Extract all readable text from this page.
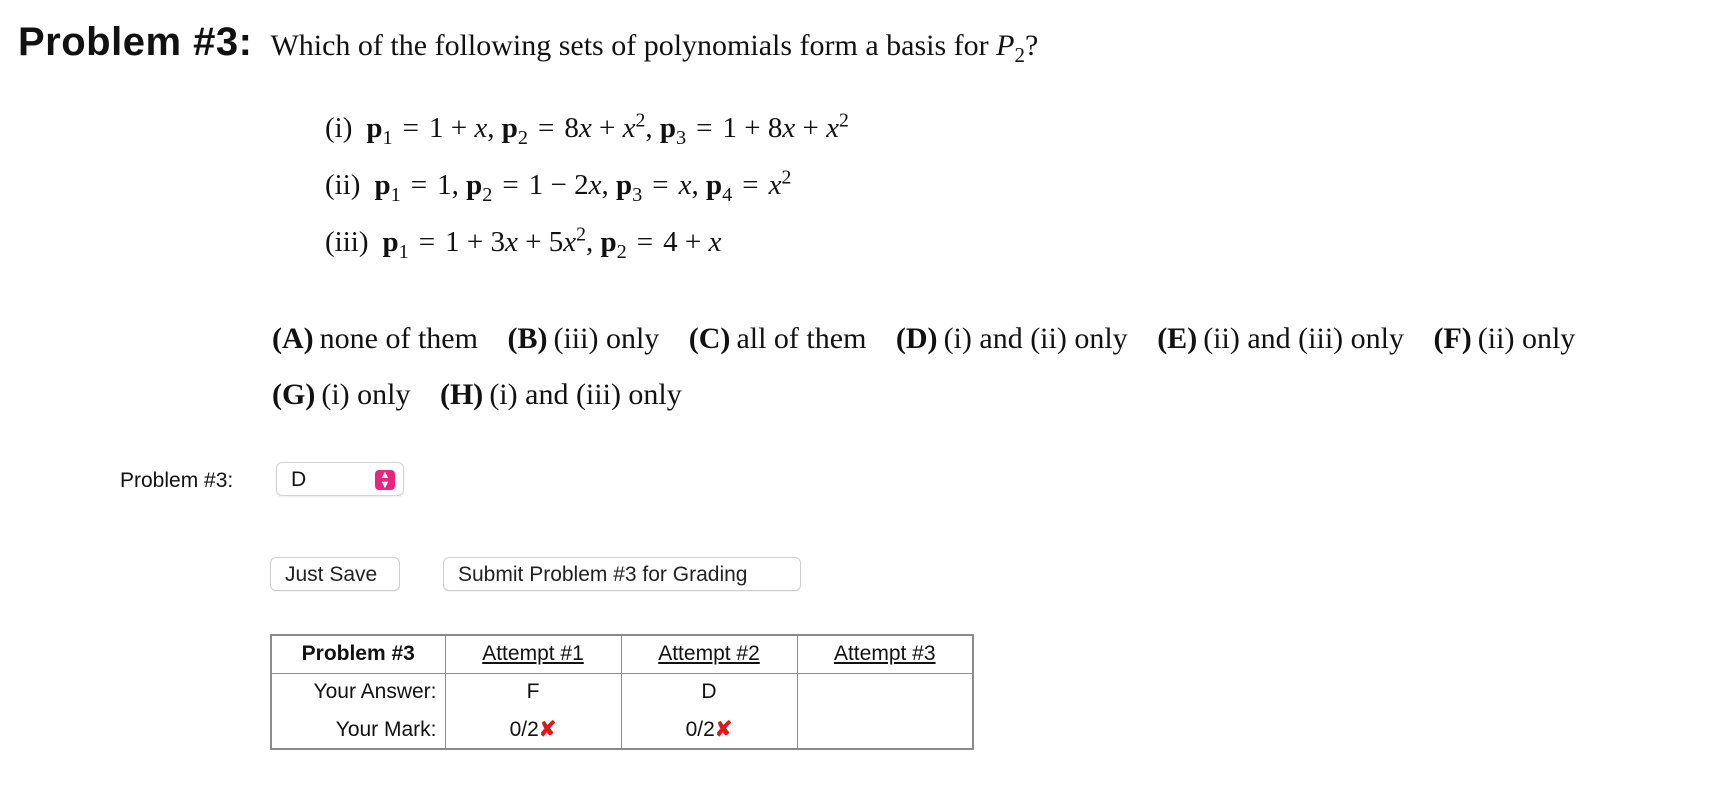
Problem #3: Which of the following sets of polynomials form a basis for $P_2$?
(i) $p_1 = 1 + x$, $p_2 = 8x + x^2$, $p_3 = 1 + 8x + x^2$
(ii) $p_1 = 1$, $p_2 = 1 - 2x$, $p_3 = x$, $p_4 = x^2$
(iii) $p_1 = 1 + 3x + 5x^2$, $p_2 = 4 + x$
(A) none of them (B) (iii) only (C) all of them (D) (i) and (ii) only (E) (ii) and (iii) only (F) (ii) only
(G) (i) only (H) (i) and (iii) only
Problem #3:	D	▲
▼
Just Save	Submit Problem #3 for Grading
Problem #3	Attempt #1	Attempt #2	Attempt #3
Your Answer:	F	D	
Your Mark:	0/2✘	0/2✘	
